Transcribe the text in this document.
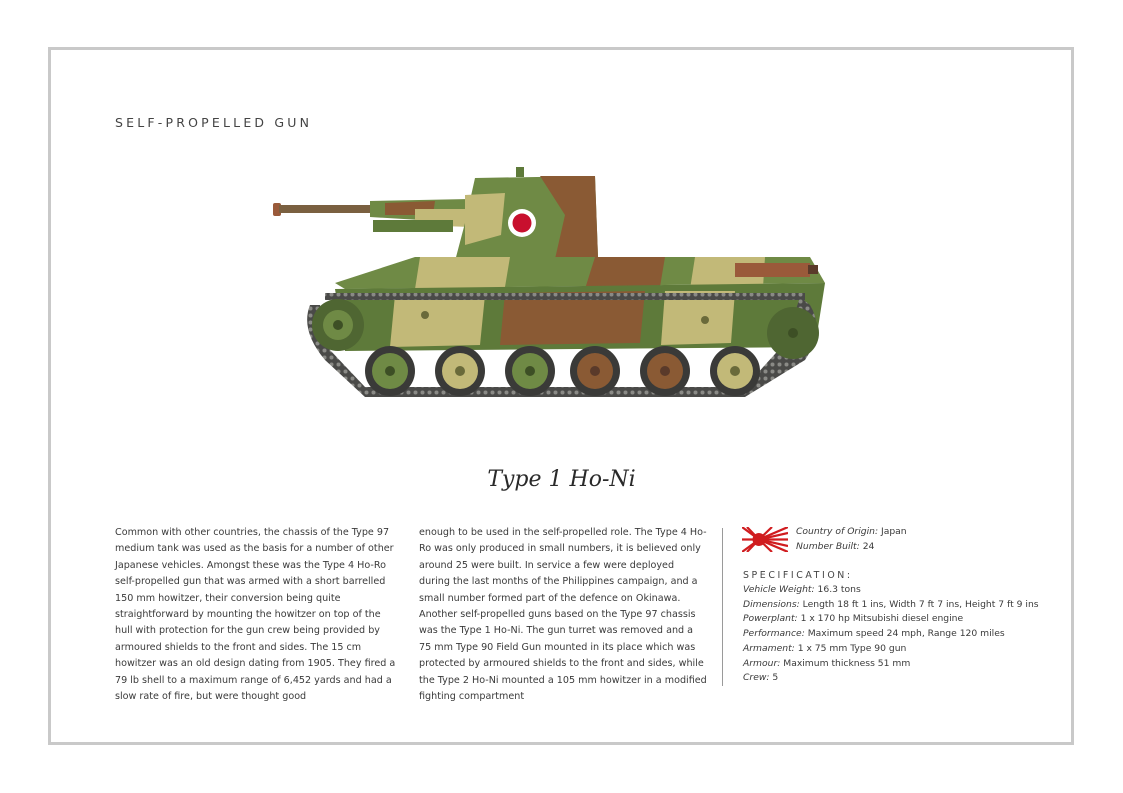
SELF-PROPELLED GUN
Type 1 Ho-Ni
Common with other countries, the chassis of the Type 97 medium tank was used as the basis for a number of other Japanese vehicles. Amongst these was the Type 4 Ho-Ro self-propelled gun that was armed with a short barrelled 150 mm howitzer, their conversion being quite straightforward by mounting the howitzer on top of the hull with protection for the gun crew being provided by armoured shields to the front and sides. The 15 cm howitzer was an old design dating from 1905. They fired a 79 lb shell to a maximum range of 6,452 yards and had a slow rate of fire, but were thought good
enough to be used in the self-propelled role. The Type 4 Ho-Ro was only produced in small numbers, it is believed only around 25 were built. In service a few were deployed during the last months of the Philippines campaign, and a small number formed part of the defence on Okinawa. Another self-propelled guns based on the Type 97 chassis was the Type 1 Ho-Ni. The gun turret was removed and a 75 mm Type 90 Field Gun mounted in its place which was protected by armoured shields to the front and sides, while the Type 2 Ho-Ni mounted a 105 mm howitzer in a modified fighting compartment
Country of Origin: Japan
Number Built: 24
SPECIFICATION:
Vehicle Weight: 16.3 tons
Dimensions: Length 18 ft 1 ins, Width 7 ft 7 ins, Height 7 ft 9 ins
Powerplant: 1 x 170 hp Mitsubishi diesel engine
Performance: Maximum speed 24 mph, Range 120 miles
Armament: 1 x 75 mm Type 90 gun
Armour: Maximum thickness 51 mm
Crew: 5
